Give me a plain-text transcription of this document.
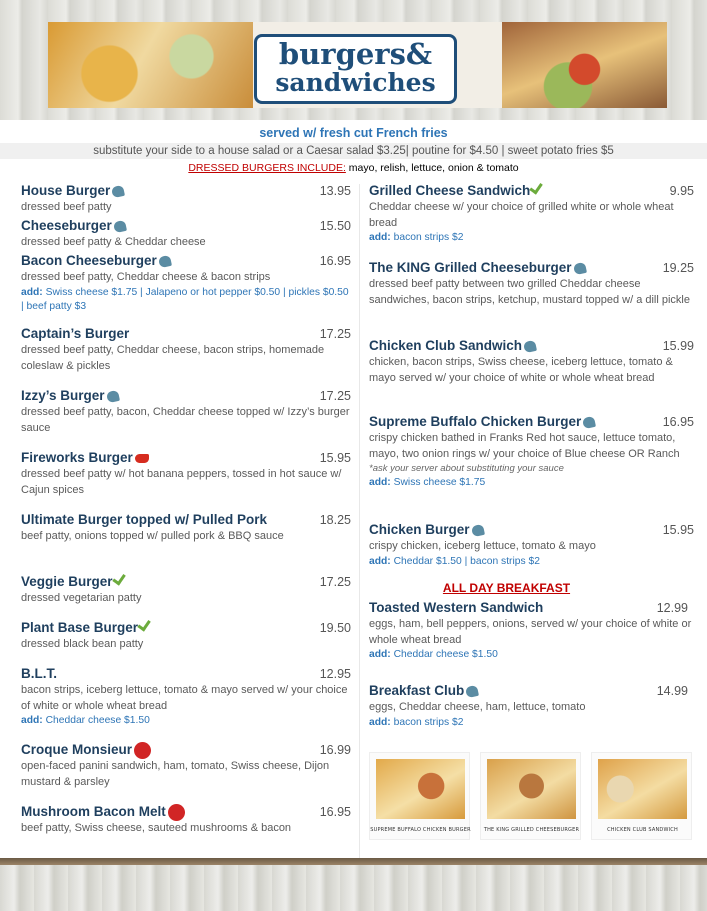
burgers&
sandwiches
served w/ fresh cut French fries
substitute your side to a house salad or a Caesar salad $3.25| poutine for $4.50 | sweet potato fries $5
DRESSED BURGERS INCLUDE: mayo, relish, lettuce, onion & tomato
House Burger	13.95
dressed beef patty
Cheeseburger	15.50
dressed beef patty & Cheddar cheese
Bacon Cheeseburger	16.95
dressed beef patty, Cheddar cheese & bacon strips
add: Swiss cheese $1.75 | Jalapeno or hot pepper $0.50 | pickles $0.50 | beef patty $3
Captain’s Burger	17.25
dressed beef patty, Cheddar cheese, bacon strips, homemade coleslaw & pickles
Izzy’s Burger	17.25
dressed beef patty, bacon, Cheddar cheese topped w/ Izzy’s burger sauce
Fireworks Burger	15.95
dressed beef patty w/ hot banana peppers, tossed in hot sauce w/ Cajun spices
Ultimate Burger topped w/ Pulled Pork	18.25
beef patty, onions topped w/ pulled pork & BBQ sauce
Veggie Burger	17.25
dressed vegetarian patty
Plant Base Burger	19.50
dressed black bean patty
B.L.T.	12.95
bacon strips, iceberg lettuce, tomato & mayo served w/ your choice of white or whole wheat bread
add: Cheddar cheese $1.50
Croque Monsieur	16.99
open-faced panini sandwich, ham, tomato, Swiss cheese, Dijon mustard & parsley
Mushroom Bacon Melt	16.95
beef patty, Swiss cheese, sauteed mushrooms & bacon
Grilled Cheese Sandwich	9.95
Cheddar cheese w/ your choice of grilled white or whole wheat bread
add: bacon strips $2
The KING Grilled Cheeseburger	19.25
dressed beef patty between two grilled Cheddar cheese sandwiches, bacon strips, ketchup, mustard topped w/ a dill pickle
Chicken Club Sandwich	15.99
chicken, bacon strips, Swiss cheese, iceberg lettuce, tomato & mayo served w/ your choice of white or whole wheat bread
Supreme Buffalo Chicken Burger	16.95
crispy chicken bathed in Franks Red hot sauce, lettuce tomato, mayo, two onion rings w/ your choice of Blue cheese OR Ranch
*ask your server about substituting your sauce
add: Swiss cheese $1.75
Chicken Burger	15.95
crispy chicken, iceberg lettuce, tomato & mayo
add: Cheddar $1.50 | bacon strips $2
ALL DAY BREAKFAST
Toasted Western Sandwich	12.99
eggs, ham, bell peppers, onions, served w/ your choice of white or whole wheat bread
add: Cheddar cheese $1.50
Breakfast Club	14.99
eggs, Cheddar cheese, ham, lettuce, tomato
add: bacon strips $2
SUPREME BUFFALO CHICKEN BURGER	THE KING GRILLED CHEESEBURGER	CHICKEN CLUB SANDWICH
